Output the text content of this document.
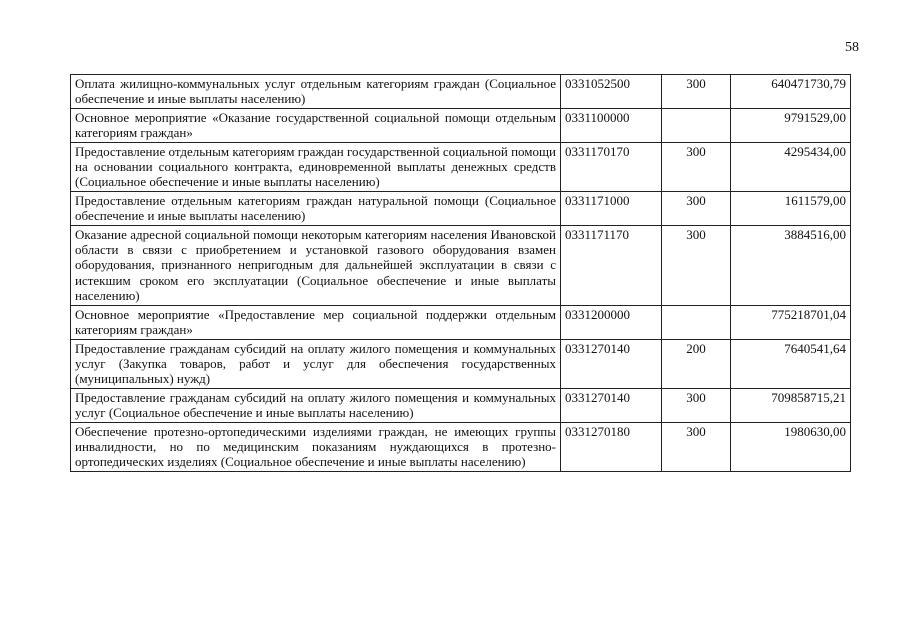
58
Оплата жилищно-коммунальных услуг отдельным категориям граждан (Социальное обеспечение и иные выплаты населению)	0331052500	300	640471730,79
Основное мероприятие «Оказание государственной социальной помощи отдельным категориям граждан»	0331100000		9791529,00
Предоставление отдельным категориям граждан государственной социальной помощи на основании социального контракта, единовременной выплаты денежных средств (Социальное обеспечение и иные выплаты населению)	0331170170	300	4295434,00
Предоставление отдельным категориям граждан натуральной помощи (Социальное обеспечение и иные выплаты населению)	0331171000	300	1611579,00
Оказание адресной социальной помощи некоторым категориям населения Ивановской области в связи с приобретением и установкой газового оборудования взамен оборудования, признанного непригодным для дальнейшей эксплуатации в связи с истекшим сроком его эксплуатации (Социальное обеспечение и иные выплаты населению)	0331171170	300	3884516,00
Основное мероприятие «Предоставление мер социальной поддержки отдельным категориям граждан»	0331200000		775218701,04
Предоставление гражданам субсидий на оплату жилого помещения и коммунальных услуг (Закупка товаров, работ и услуг для обеспечения государственных (муниципальных) нужд)	0331270140	200	7640541,64
Предоставление гражданам субсидий на оплату жилого помещения и коммунальных услуг (Социальное обеспечение и иные выплаты населению)	0331270140	300	709858715,21
Обеспечение протезно-ортопедическими изделиями граждан, не имеющих группы инвалидности, но по медицинским показаниям нуждающихся в протезно-ортопедических изделиях (Социальное обеспечение и иные выплаты населению)	0331270180	300	1980630,00
